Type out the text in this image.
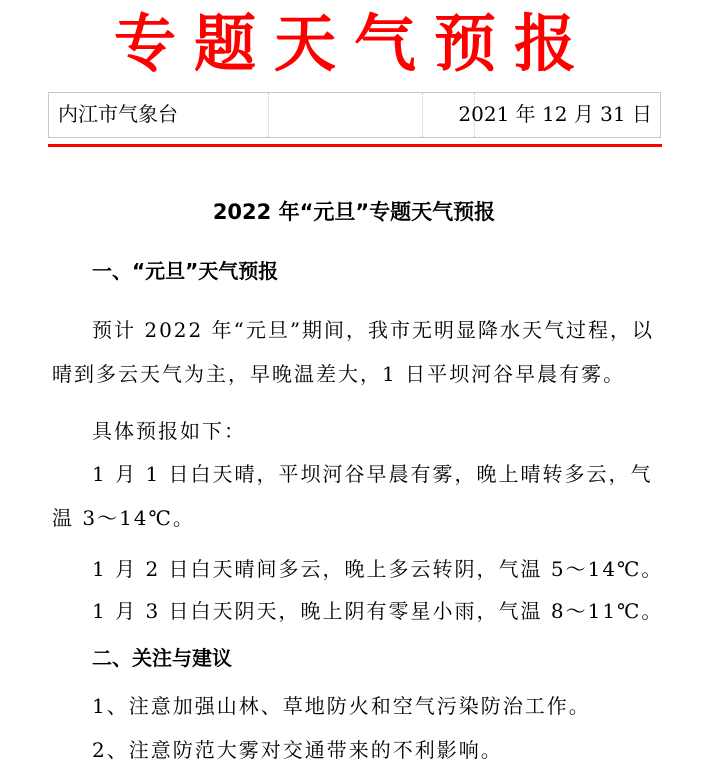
专题天气预报
内江市气象台	2021 年 12 月 31 日
2022 年“元旦”专题天气预报
一、“元旦”天气预报
预计 2022 年“元旦”期间，我市无明显降水天气过程，以晴到多云天气为主，早晚温差大，1 日平坝河谷早晨有雾。
具体预报如下：
1 月 1 日白天晴，平坝河谷早晨有雾，晚上晴转多云，气温 3～14℃。
1 月 2 日白天晴间多云，晚上多云转阴，气温 5～14℃。
1 月 3 日白天阴天，晚上阴有零星小雨，气温 8～11℃。
二、关注与建议
1、注意加强山林、草地防火和空气污染防治工作。
2、注意防范大雾对交通带来的不利影响。
